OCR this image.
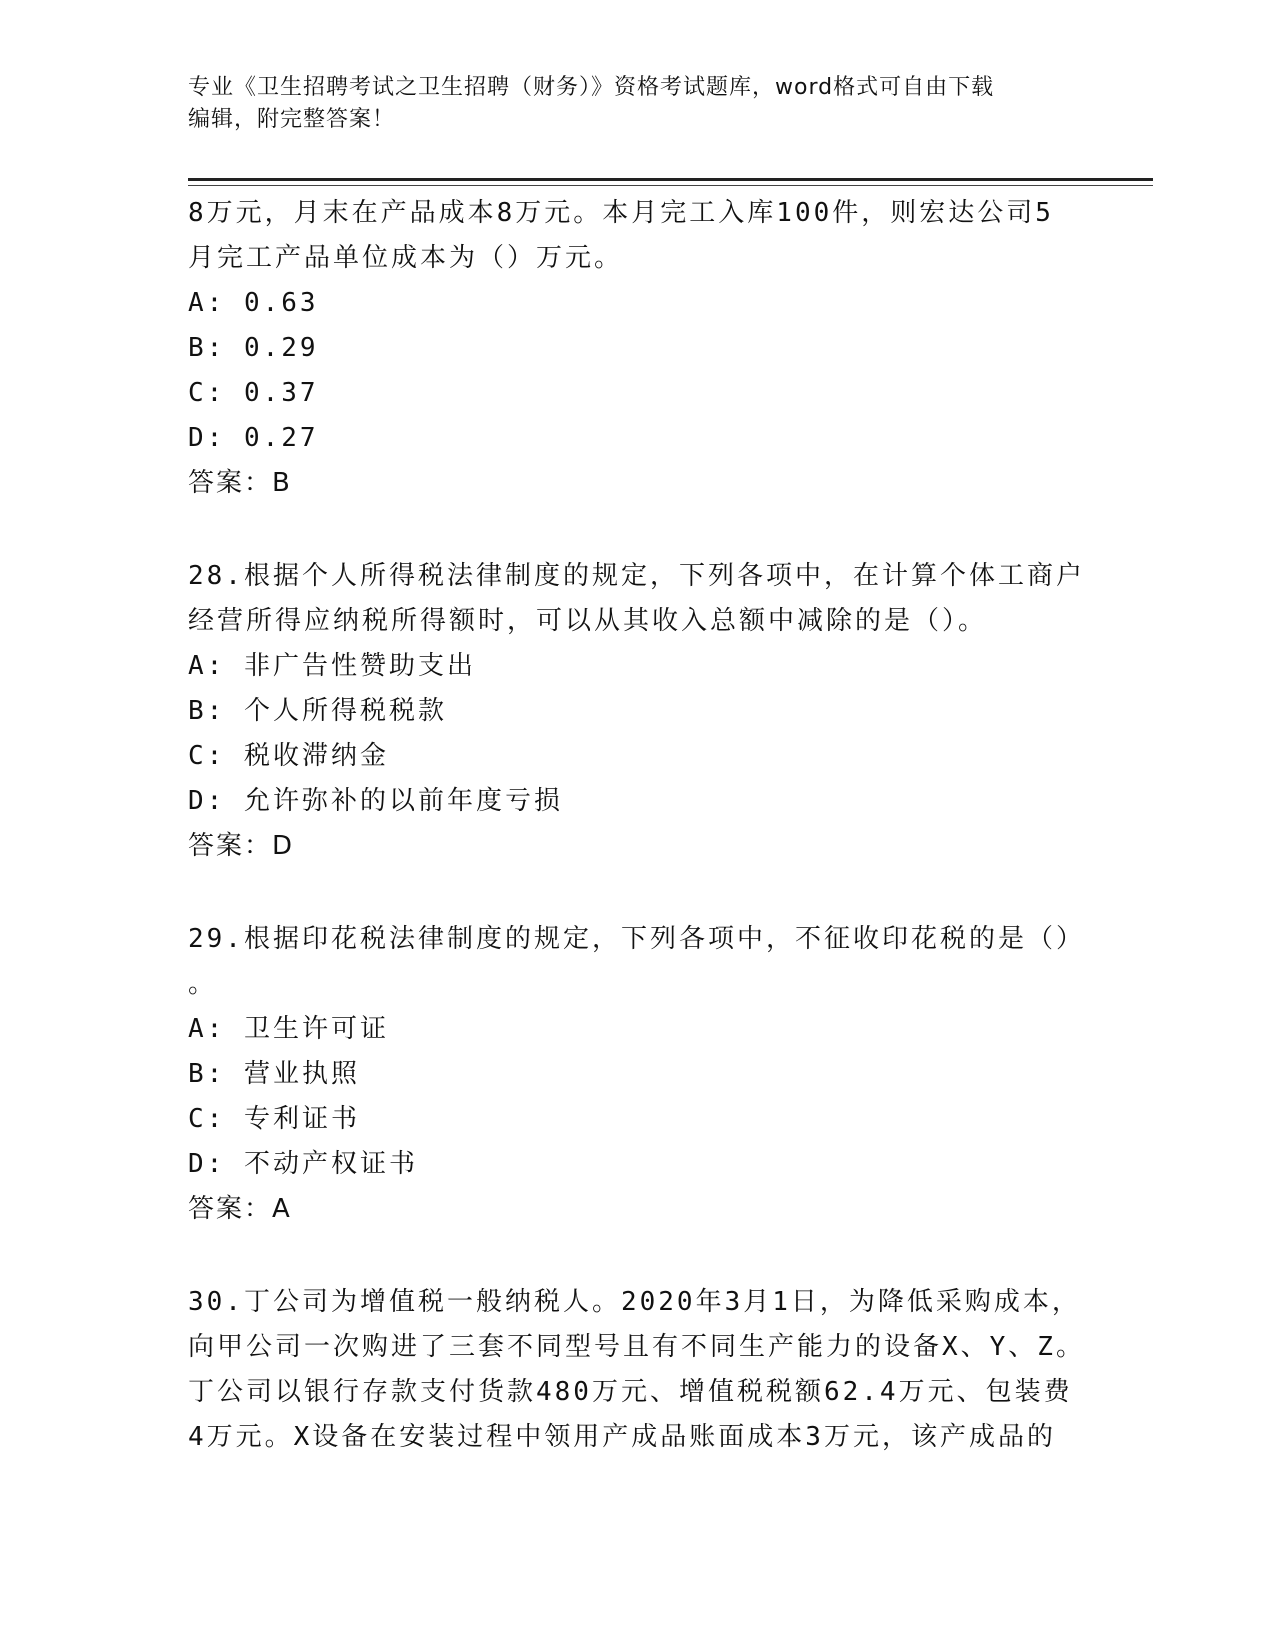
专业《卫生招聘考试之卫生招聘（财务）》资格考试题库，word格式可自由下载
编辑，附完整答案！

8万元，月末在产品成本8万元。本月完工入库100件，则宏达公司5

月完工产品单位成本为（）万元。

A: 0.63

B: 0.29

C: 0.37

D: 0.27

答案：B

28.根据个人所得税法律制度的规定，下列各项中，在计算个体工商户

经营所得应纳税所得额时，可以从其收入总额中减除的是（）。

A: 非广告性赞助支出

B: 个人所得税税款

C: 税收滞纳金

D: 允许弥补的以前年度亏损

答案：D

29.根据印花税法律制度的规定，下列各项中，不征收印花税的是（）

。

A: 卫生许可证

B: 营业执照

C: 专利证书

D: 不动产权证书

答案：A

30.丁公司为增值税一般纳税人。2020年3月1日，为降低采购成本，

向甲公司一次购进了三套不同型号且有不同生产能力的设备X、Y、Z。

丁公司以银行存款支付货款480万元、增值税税额62.4万元、包装费

4万元。X设备在安装过程中领用产成品账面成本3万元，该产成品的
